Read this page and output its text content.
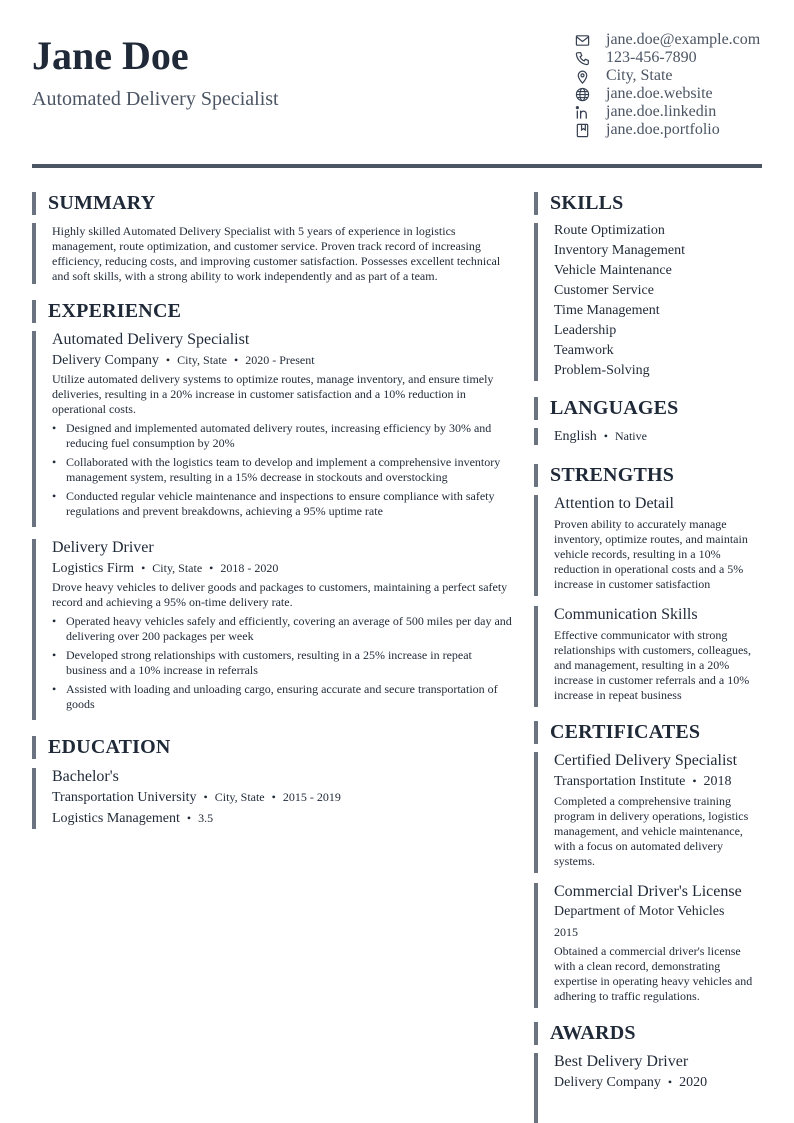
Jane Doe
Automated Delivery Specialist
jane.doe@example.com
123-456-7890
City, State
jane.doe.website
jane.doe.linkedin
jane.doe.portfolio
SUMMARY
Highly skilled Automated Delivery Specialist with 5 years of experience in logistics management, route optimization, and customer service. Proven track record of increasing efficiency, reducing costs, and improving customer satisfaction. Possesses excellent technical and soft skills, with a strong ability to work independently and as part of a team.
EXPERIENCE
Automated Delivery Specialist
Delivery Company • City, State • 2020 - Present
Utilize automated delivery systems to optimize routes, manage inventory, and ensure timely deliveries, resulting in a 20% increase in customer satisfaction and a 10% reduction in operational costs.
• Designed and implemented automated delivery routes, increasing efficiency by 30% and reducing fuel consumption by 20%
• Collaborated with the logistics team to develop and implement a comprehensive inventory management system, resulting in a 15% decrease in stockouts and overstocking
• Conducted regular vehicle maintenance and inspections to ensure compliance with safety regulations and prevent breakdowns, achieving a 95% uptime rate
Delivery Driver
Logistics Firm • City, State • 2018 - 2020
Drove heavy vehicles to deliver goods and packages to customers, maintaining a perfect safety record and achieving a 95% on-time delivery rate.
• Operated heavy vehicles safely and efficiently, covering an average of 500 miles per day and delivering over 200 packages per week
• Developed strong relationships with customers, resulting in a 25% increase in repeat business and a 10% increase in referrals
• Assisted with loading and unloading cargo, ensuring accurate and secure transportation of goods
EDUCATION
Bachelor's
Transportation University • City, State • 2015 - 2019
Logistics Management • 3.5
SKILLS
Route Optimization
Inventory Management
Vehicle Maintenance
Customer Service
Time Management
Leadership
Teamwork
Problem-Solving
LANGUAGES
English • Native
STRENGTHS
Attention to Detail
Proven ability to accurately manage inventory, optimize routes, and maintain vehicle records, resulting in a 10% reduction in operational costs and a 5% increase in customer satisfaction
Communication Skills
Effective communicator with strong relationships with customers, colleagues, and management, resulting in a 20% increase in customer referrals and a 10% increase in repeat business
CERTIFICATES
Certified Delivery Specialist
Transportation Institute • 2018
Completed a comprehensive training program in delivery operations, logistics management, and vehicle maintenance, with a focus on automated delivery systems.
Commercial Driver's License
Department of Motor Vehicles
2015
Obtained a commercial driver's license with a clean record, demonstrating expertise in operating heavy vehicles and adhering to traffic regulations.
AWARDS
Best Delivery Driver
Delivery Company • 2020
